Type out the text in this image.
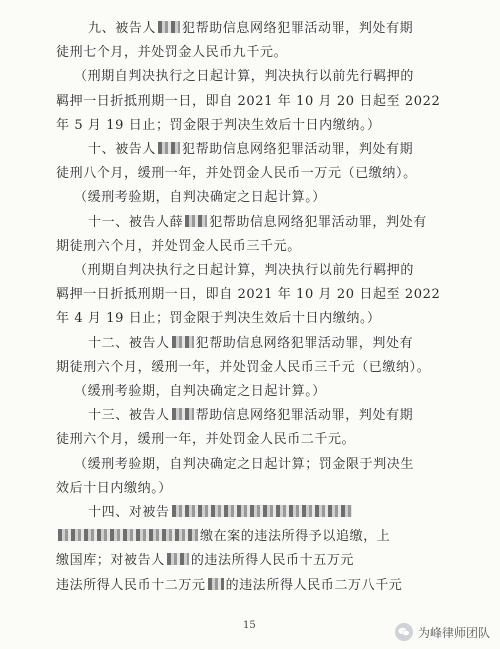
九、被告人 犯帮助信息网络犯罪活动罪，判处有期
徒刑七个月，并处罚金人民币九千元。
（刑期自判决执行之日起计算，判决执行以前先行羁押的
羁押一日折抵刑期一日，即自 2021 年 10 月 20 日起至 2022
年 5 月 19 日止；罚金限于判决生效后十日内缴纳。）
十、被告人 犯帮助信息网络犯罪活动罪，判处有期
徒刑八个月，缓刑一年，并处罚金人民币一万元（已缴纳）。
（缓刑考验期，自判决确定之日起计算。）
十一、被告人薛 犯帮助信息网络犯罪活动罪，判处有
期徒刑六个月，并处罚金人民币三千元。
（刑期自判决执行之日起计算，判决执行以前先行羁押的
羁押一日折抵刑期一日，即自 2021 年 10 月 20 日起至 2022
年 4 月 19 日止；罚金限于判决生效后十日内缴纳。）
十二、被告人 犯帮助信息网络犯罪活动罪，判处有
期徒刑六个月，缓刑一年，并处罚金人民币三千元（已缴纳）。
（缓刑考验期，自判决确定之日起计算。）
十三、被告人 帮助信息网络犯罪活动罪，判处有期
徒刑六个月，缓刑一年，并处罚金人民币二千元。
（缓刑考验期，自判决确定之日起计算；罚金限于判决生
效后十日内缴纳。）
十四、对被告
缴在案的违法所得予以追缴，上
缴国库；对被告人 的违法所得人民币十五万元
违法所得人民币十二万元 的违法所得人民币二万八千元
15	为峰律师团队
